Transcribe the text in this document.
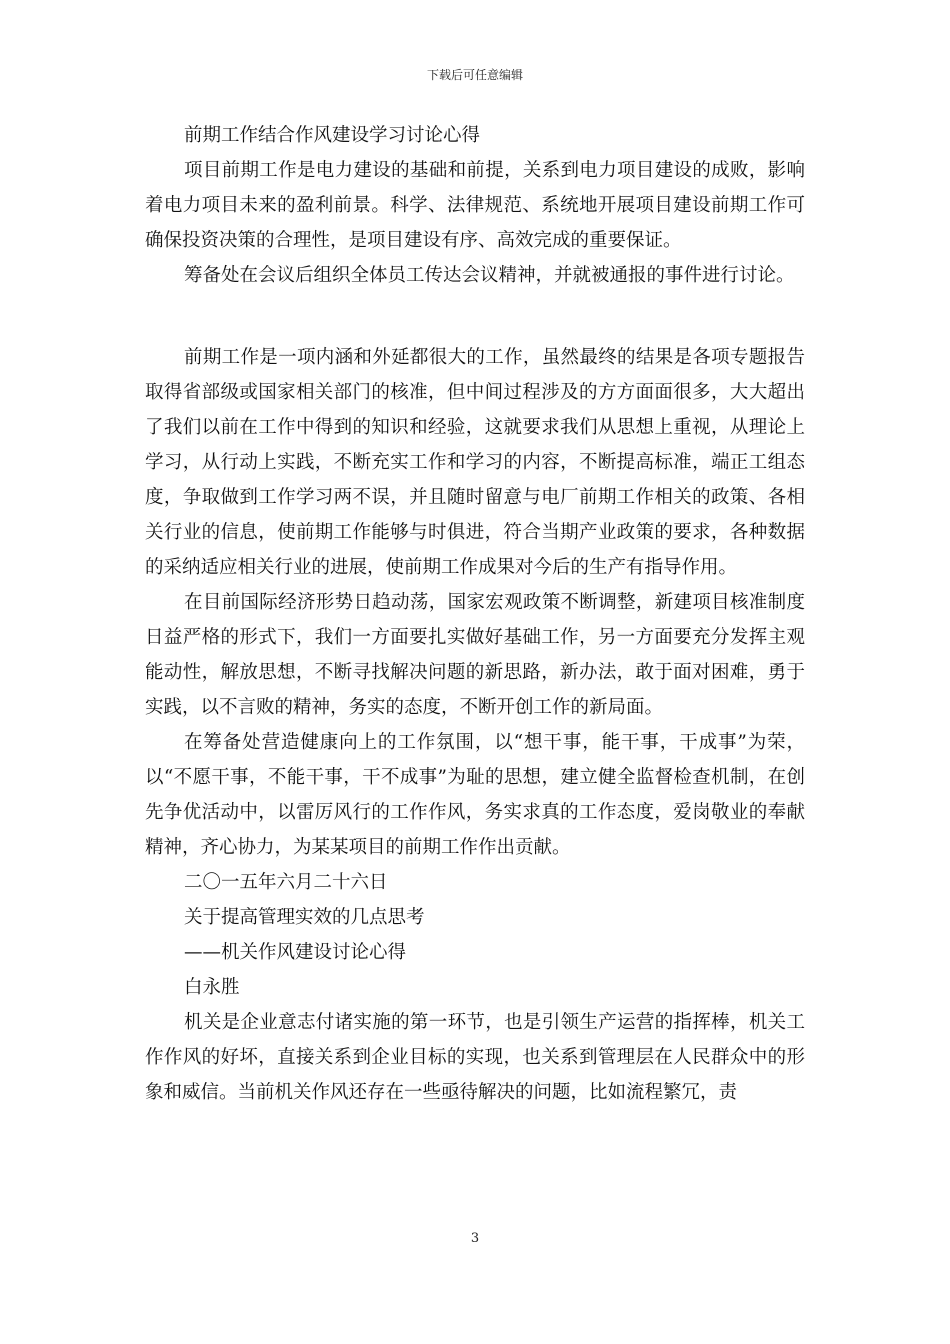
下载后可任意编辑

前期工作结合作风建设学习讨论心得

项目前期工作是电力建设的基础和前提，关系到电力项目建设的成败，影响着电力项目未来的盈利前景。科学、法律规范、系统地开展项目建设前期工作可确保投资决策的合理性，是项目建设有序、高效完成的重要保证。

筹备处在会议后组织全体员工传达会议精神，并就被通报的事件进行讨论。

前期工作是一项内涵和外延都很大的工作，虽然最终的结果是各项专题报告取得省部级或国家相关部门的核准，但中间过程涉及的方方面面很多，大大超出了我们以前在工作中得到的知识和经验，这就要求我们从思想上重视，从理论上学习，从行动上实践，不断充实工作和学习的内容，不断提高标准，端正工组态度，争取做到工作学习两不误，并且随时留意与电厂前期工作相关的政策、各相关行业的信息，使前期工作能够与时俱进，符合当期产业政策的要求，各种数据的采纳适应相关行业的进展，使前期工作成果对今后的生产有指导作用。

在目前国际经济形势日趋动荡，国家宏观政策不断调整，新建项目核准制度日益严格的形式下，我们一方面要扎实做好基础工作，另一方面要充分发挥主观能动性，解放思想，不断寻找解决问题的新思路，新办法，敢于面对困难，勇于实践，以不言败的精神，务实的态度，不断开创工作的新局面。

在筹备处营造健康向上的工作氛围，以“想干事，能干事，干成事”为荣，以“不愿干事，不能干事，干不成事”为耻的思想，建立健全监督检查机制，在创先争优活动中，以雷厉风行的工作作风，务实求真的工作态度，爱岗敬业的奉献精神，齐心协力，为某某项目的前期工作作出贡献。

二〇一五年六月二十六日

关于提高管理实效的几点思考

——机关作风建设讨论心得

白永胜

机关是企业意志付诸实施的第一环节，也是引领生产运营的指挥棒，机关工作作风的好坏，直接关系到企业目标的实现，也关系到管理层在人民群众中的形象和威信。当前机关作风还存在一些亟待解决的问题，比如流程繁冗，责

3
